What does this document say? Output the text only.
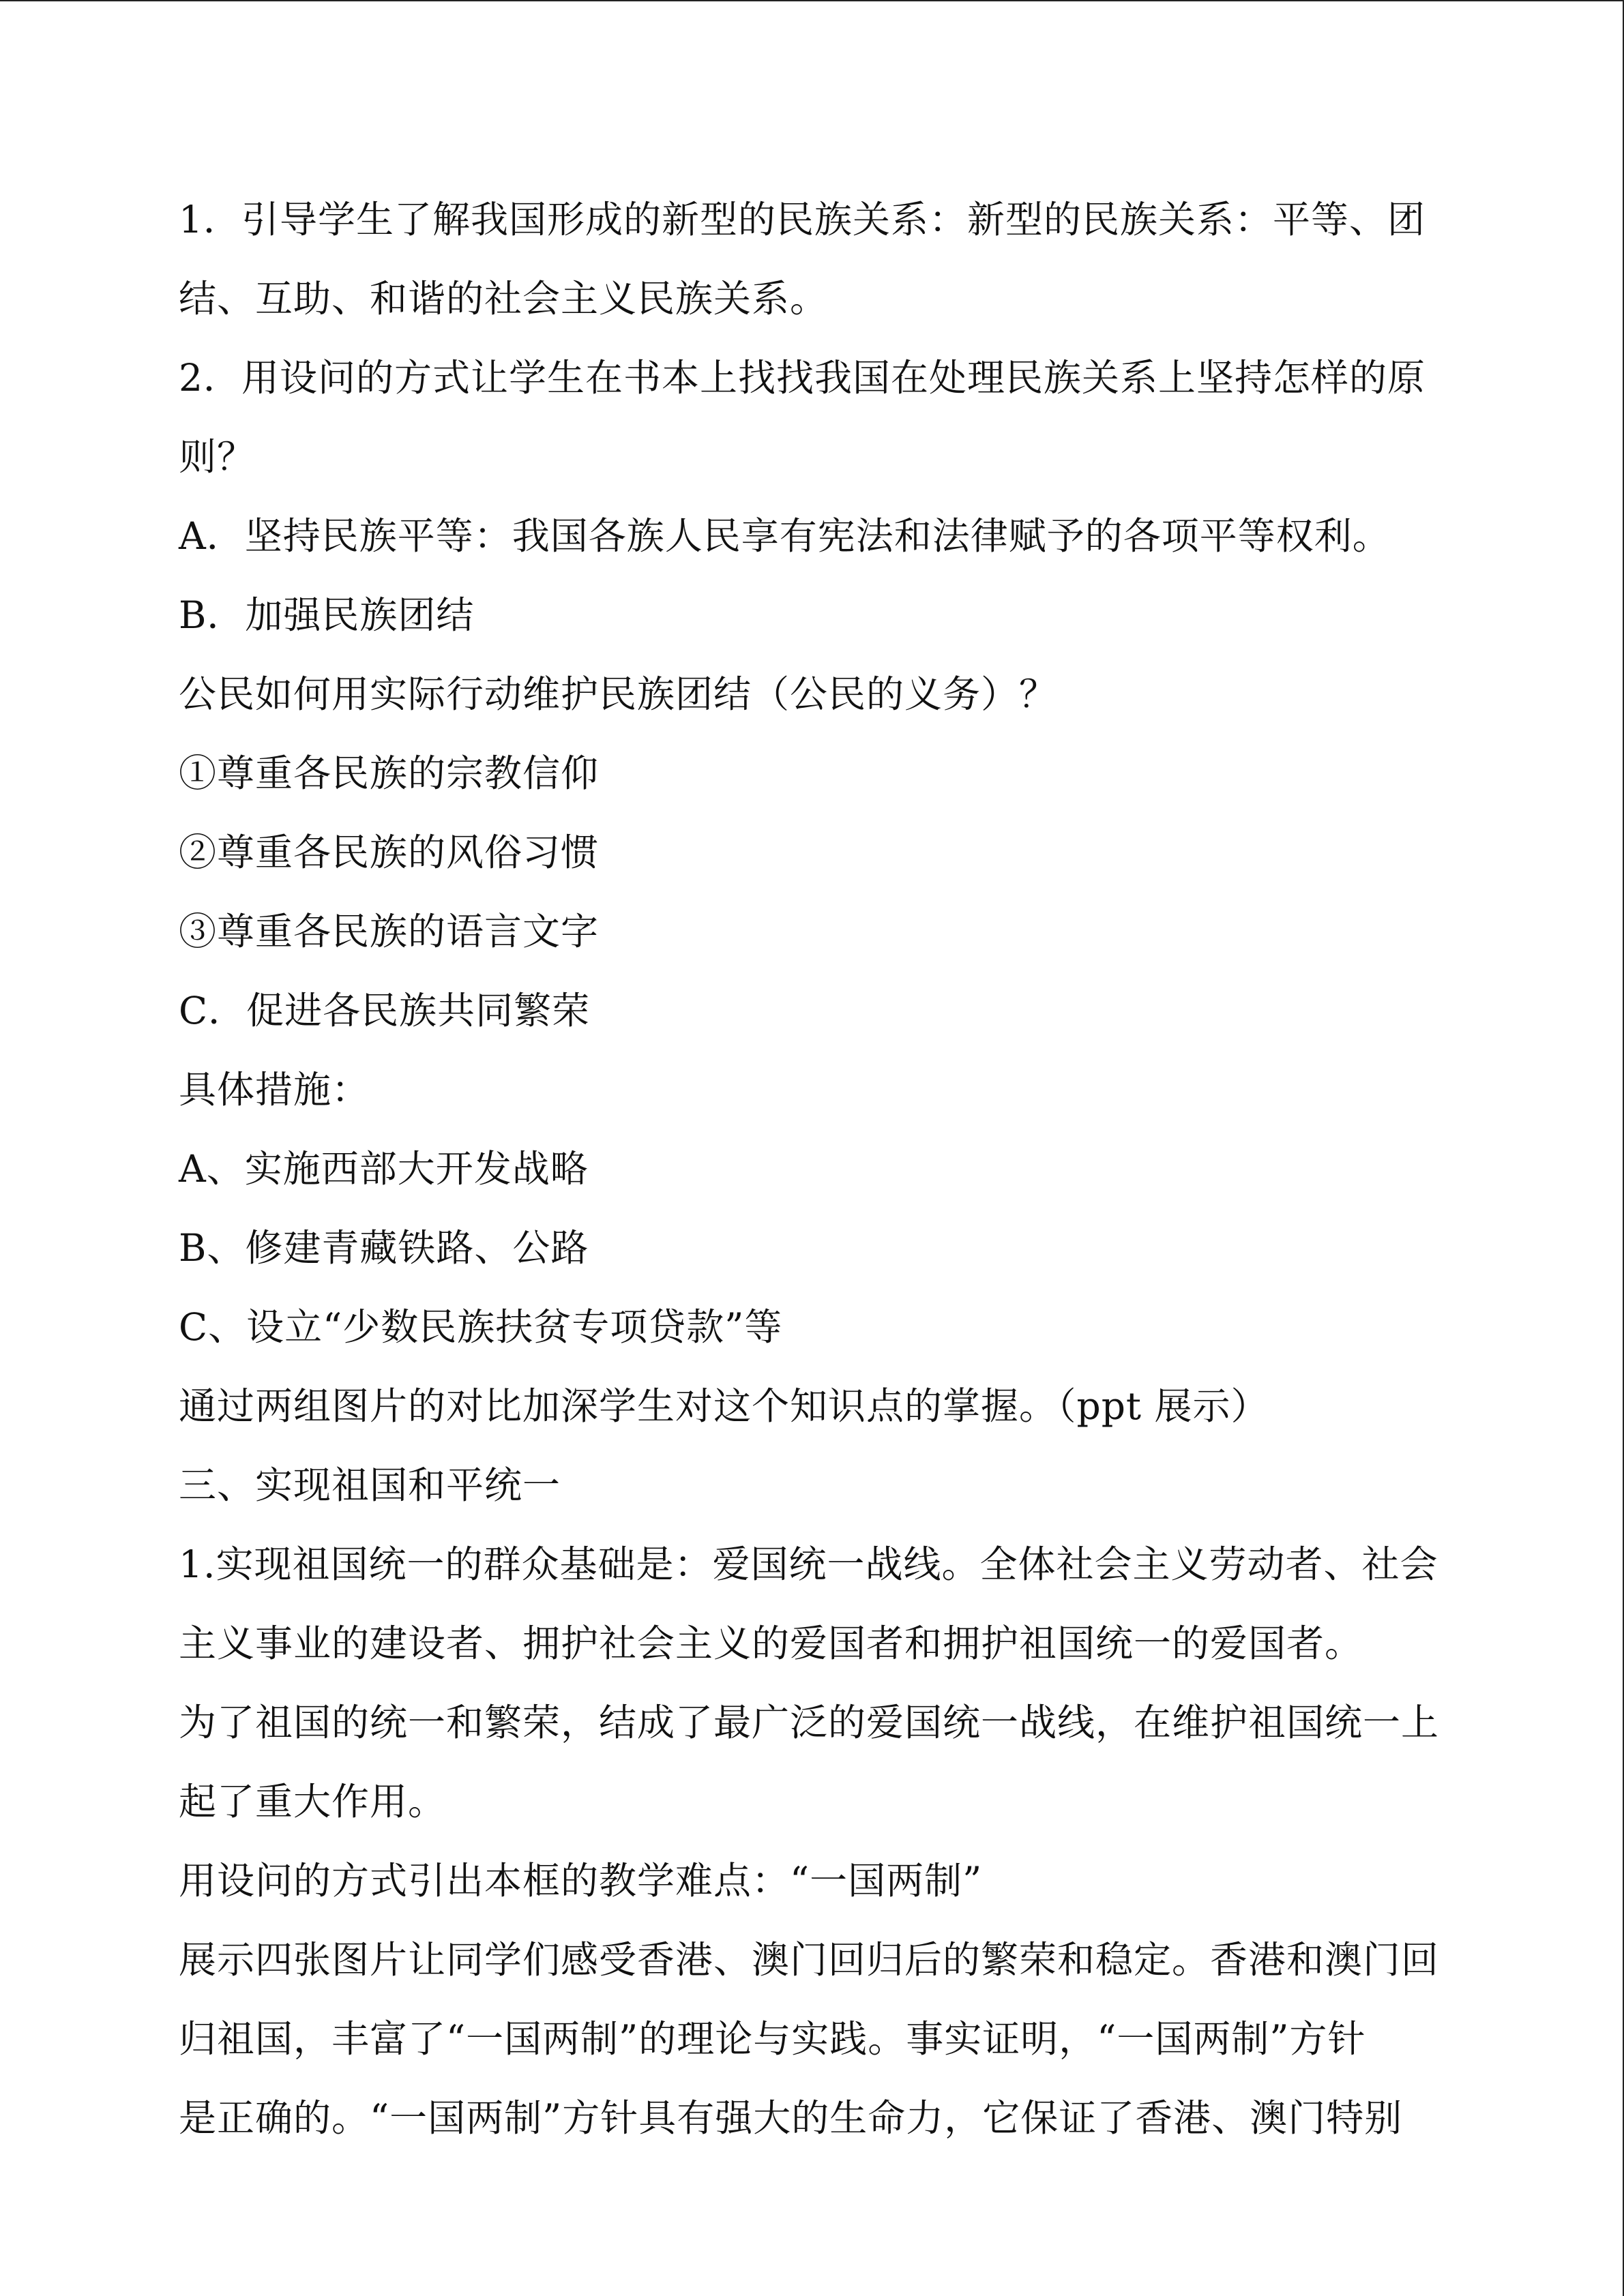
1．引导学生了解我国形成的新型的民族关系：新型的民族关系：平等、团
结、互助、和谐的社会主义民族关系。
2．用设问的方式让学生在书本上找找我国在处理民族关系上坚持怎样的原
则？
A．坚持民族平等：我国各族人民享有宪法和法律赋予的各项平等权利。
B．加强民族团结
公民如何用实际行动维护民族团结（公民的义务）？
①尊重各民族的宗教信仰
②尊重各民族的风俗习惯
③尊重各民族的语言文字
C．促进各民族共同繁荣
具体措施：
A、实施西部大开发战略
B、修建青藏铁路、公路
C、设立“少数民族扶贫专项贷款”等
通过两组图片的对比加深学生对这个知识点的掌握。（ppt 展示）
三、实现祖国和平统一
1.实现祖国统一的群众基础是：爱国统一战线。全体社会主义劳动者、社会
主义事业的建设者、拥护社会主义的爱国者和拥护祖国统一的爱国者。
为了祖国的统一和繁荣，结成了最广泛的爱国统一战线，在维护祖国统一上
起了重大作用。
用设问的方式引出本框的教学难点：“一国两制”
展示四张图片让同学们感受香港、澳门回归后的繁荣和稳定。香港和澳门回
归祖国，丰富了“一国两制”的理论与实践。事实证明，“一国两制”方针
是正确的。“一国两制”方针具有强大的生命力，它保证了香港、澳门特别
